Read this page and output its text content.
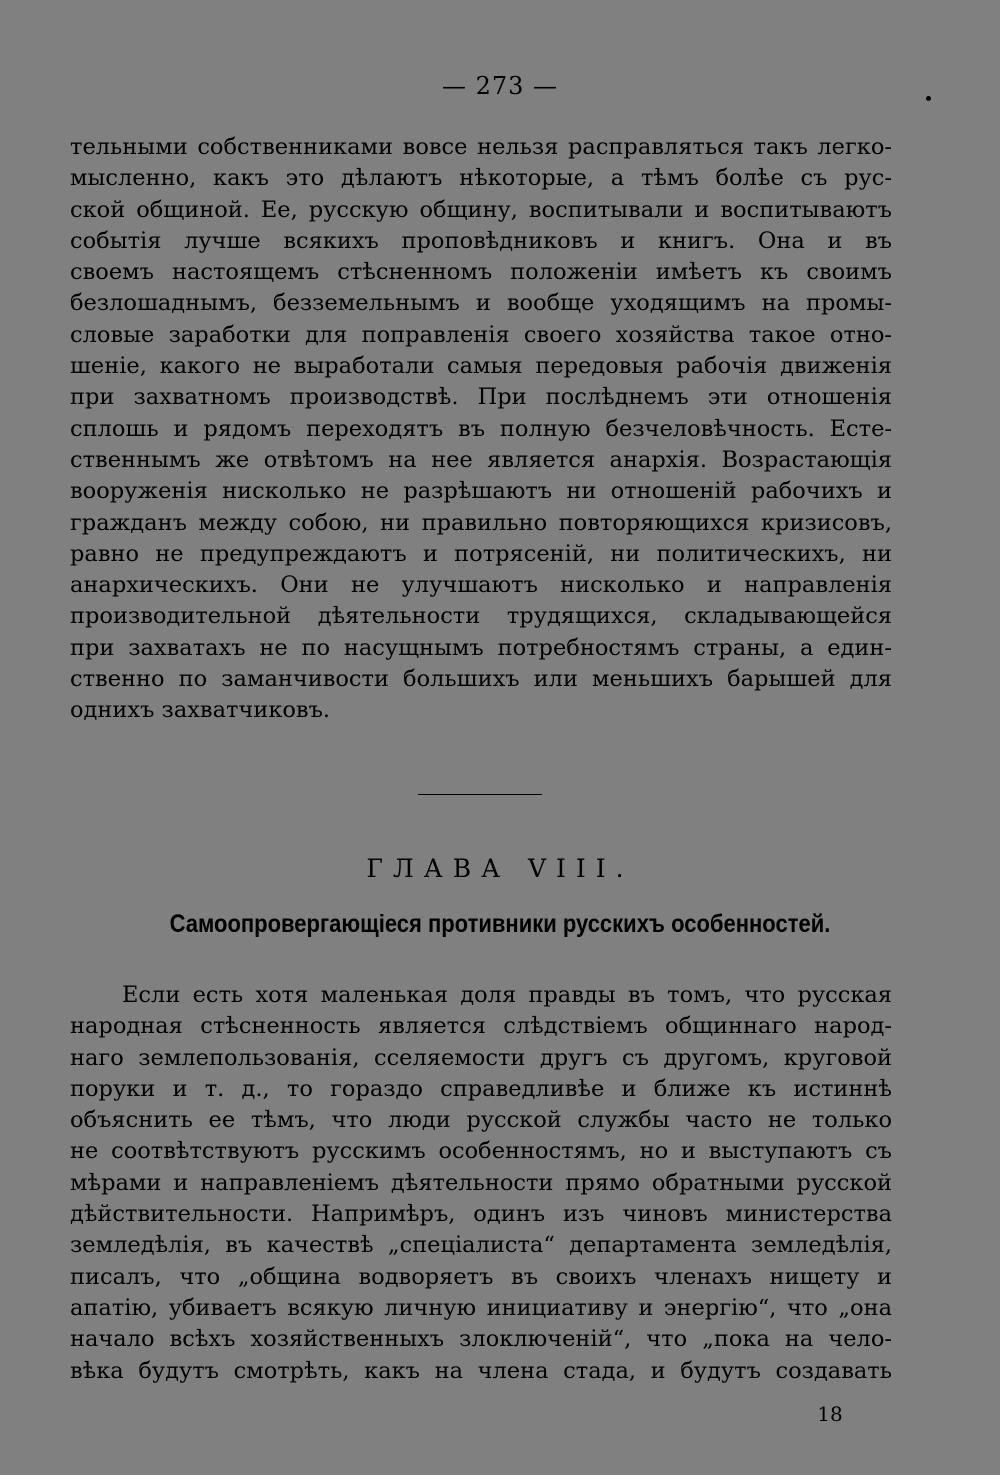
— 273 —
тельными собственниками вовсе нельзя расправляться такъ легко-
мысленно, какъ это дѣлаютъ нѣкоторые, а тѣмъ болѣе съ рус-
ской общиной. Ее, русскую общину, воспитывали и воспитываютъ
событія лучше всякихъ проповѣдниковъ и книгъ. Она и въ
своемъ настоящемъ стѣсненномъ положеніи имѣетъ къ своимъ
безлошаднымъ, безземельнымъ и вообще уходящимъ на промы-
словые заработки для поправленія своего хозяйства такое отно-
шеніе, какого не выработали самыя передовыя рабочія движенія
при захватномъ производствѣ. При послѣднемъ эти отношенія
сплошь и рядомъ переходятъ въ полную безчеловѣчность. Есте-
ственнымъ же отвѣтомъ на нее является анархія. Возрастающія
вооруженія нисколько не разрѣшаютъ ни отношеній рабочихъ и
гражданъ между собою, ни правильно повторяющихся кризисовъ,
равно не предупреждаютъ и потрясеній, ни политическихъ, ни
анархическихъ. Они не улучшаютъ нисколько и направленія
производительной дѣятельности трудящихся, складывающейся
при захватахъ не по насущнымъ потребностямъ страны, а един-
ственно по заманчивости большихъ или меньшихъ барышей для
однихъ захватчиковъ.
ГЛАВА VIII.
Самоопровергающіеся противники русскихъ особенностей.
Если есть хотя маленькая доля правды въ томъ, что русская
народная стѣсненность является слѣдствіемъ общиннаго народ-
наго землепользованія, сселяемости другъ съ другомъ, круговой
поруки и т. д., то гораздо справедливѣе и ближе къ истиннѣ
объяснить ее тѣмъ, что люди русской службы часто не только
не соотвѣтствуютъ русскимъ особенностямъ, но и выступаютъ съ
мѣрами и направленіемъ дѣятельности прямо обратными русской
дѣйствительности. Напримѣръ, одинъ изъ чиновъ министерства
земледѣлія, въ качествѣ „спеціалиста“ департамента земледѣлія,
писалъ, что „община водворяетъ въ своихъ членахъ нищету и
апатію, убиваетъ всякую личную инициативу и энергію“, что „она
начало всѣхъ хозяйственныхъ злоключеній“, что „пока на чело-
вѣка будутъ смотрѣть, какъ на члена стада, и будутъ создавать
18
